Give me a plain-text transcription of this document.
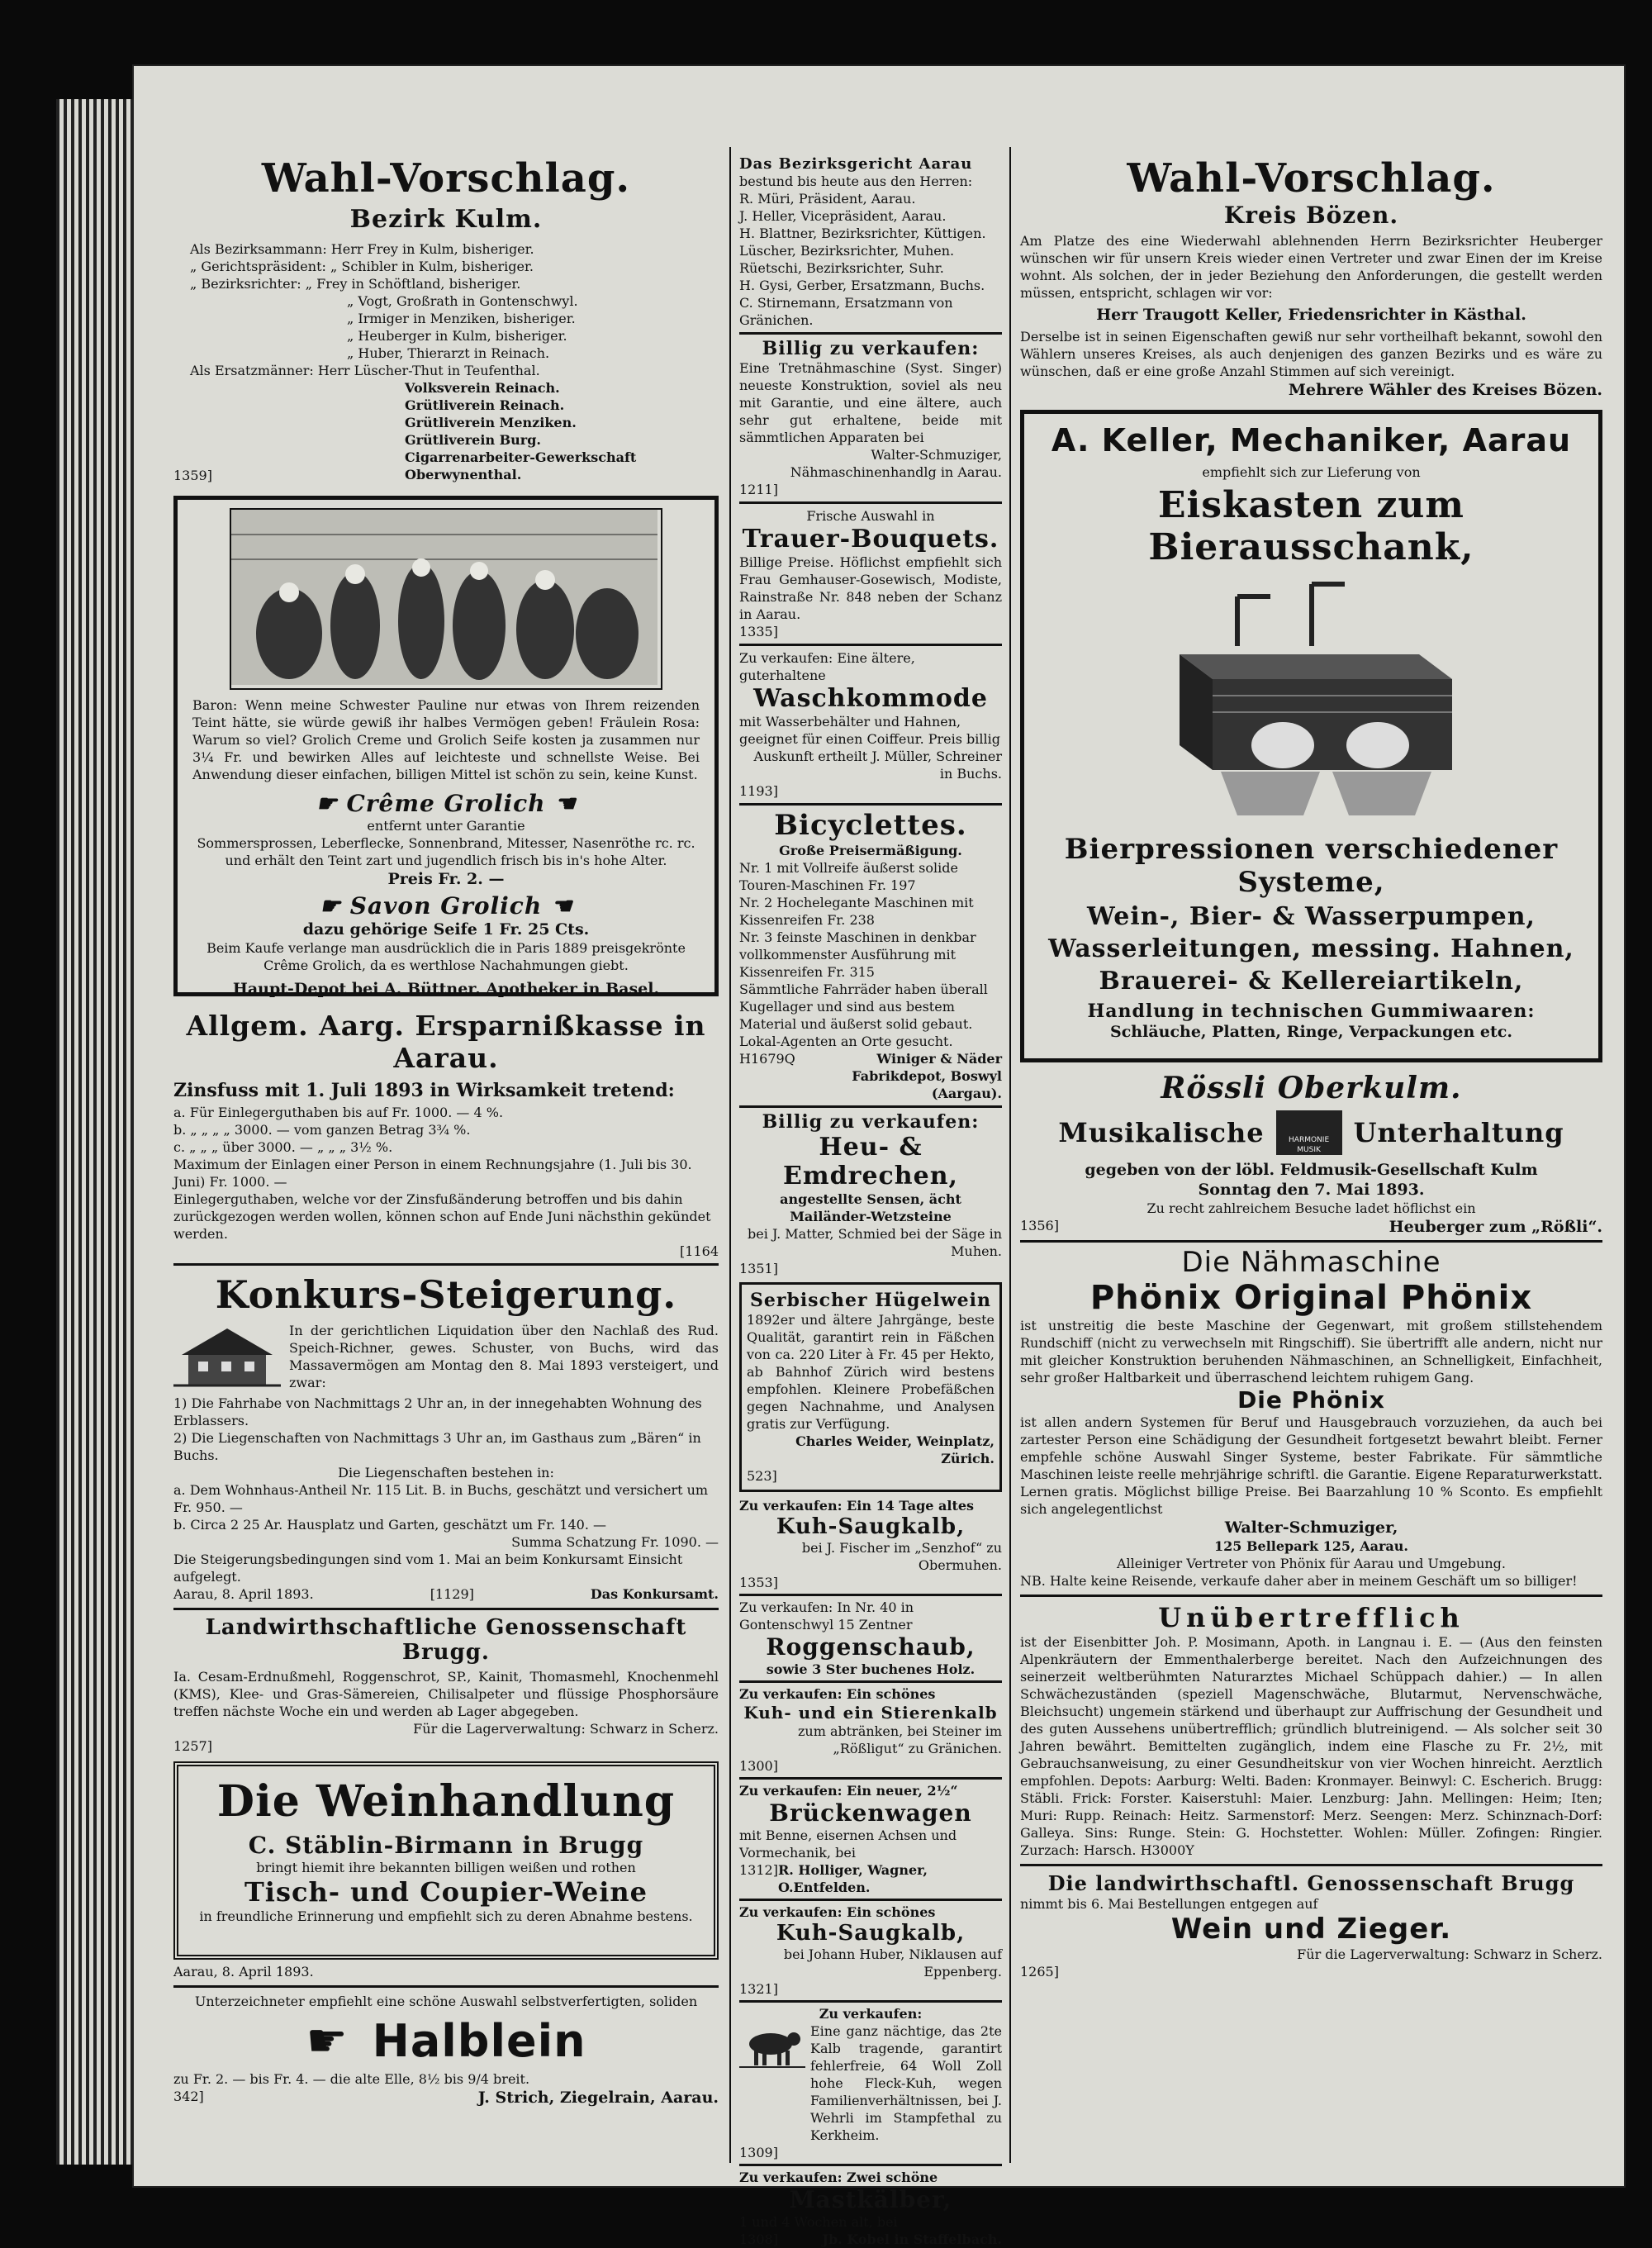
Wahl-Vorschlag.
Bezirk Kulm.
Als Bezirksammann: Herr Frey in Kulm, bisheriger.
„ Gerichtspräsident: „ Schibler in Kulm, bisheriger.
„ Bezirksrichter: „ Frey in Schöftland, bisheriger.
„ Vogt, Großrath in Gontenschwyl.
„ Irmiger in Menziken, bisheriger.
„ Heuberger in Kulm, bisheriger.
„ Huber, Thierarzt in Reinach.
Als Ersatzmänner: Herr Lüscher-Thut in Teufenthal.
Volksverein Reinach.
Grütliverein Reinach.
Grütliverein Menziken.
Grütliverein Burg.
Cigarrenarbeiter-Gewerkschaft Oberwynenthal.
1359]
Baron: Wenn meine Schwester Pauline nur etwas von Ihrem reizenden Teint hätte, sie würde gewiß ihr halbes Vermögen geben! Fräulein Rosa: Warum so viel? Grolich Creme und Grolich Seife kosten ja zusammen nur 3¼ Fr. und bewirken Alles auf leichteste und schnellste Weise. Bei Anwendung dieser einfachen, billigen Mittel ist schön zu sein, keine Kunst.
☛ Crême Grolich ☚
entfernt unter Garantie
Sommersprossen, Leberflecke, Sonnenbrand, Mitesser, Nasenröthe rc. rc. und erhält den Teint zart und jugendlich frisch bis in's hohe Alter.
Preis Fr. 2. —
☛ Savon Grolich ☚
dazu gehörige Seife 1 Fr. 25 Cts.
Beim Kaufe verlange man ausdrücklich die in Paris 1889 preisgekrönte Crême Grolich, da es werthlose Nachahmungen giebt.
Haupt-Depot bei A. Büttner, Apotheker in Basel.
Allgem. Aarg. Ersparnißkasse in Aarau.
Zinsfuss mit 1. Juli 1893 in Wirksamkeit tretend:
a. Für Einlegerguthaben bis auf Fr. 1000. — 4 %.
b. „ „ „ „ 3000. — vom ganzen Betrag 3¾ %.
c. „ „ „ über 3000. — „ „ „ 3½ %.
Maximum der Einlagen einer Person in einem Rechnungsjahre (1. Juli bis 30. Juni) Fr. 1000. —
Einlegerguthaben, welche vor der Zinsfußänderung betroffen und bis dahin zurückgezogen werden wollen, können schon auf Ende Juni nächsthin gekündet werden.
[1164
Konkurs-Steigerung.
In der gerichtlichen Liquidation über den Nachlaß des Rud. Speich-Richner, gewes. Schuster, von Buchs, wird das Massavermögen am Montag den 8. Mai 1893 versteigert, und zwar:
1) Die Fahrhabe von Nachmittags 2 Uhr an, in der innegehabten Wohnung des Erblassers.
2) Die Liegenschaften von Nachmittags 3 Uhr an, im Gasthaus zum „Bären“ in Buchs.
Die Liegenschaften bestehen in:
a. Dem Wohnhaus-Antheil Nr. 115 Lit. B. in Buchs, geschätzt und versichert um Fr. 950. —
b. Circa 2 25 Ar. Hausplatz und Garten, geschätzt um Fr. 140. —
Summa Schatzung Fr. 1090. —
Die Steigerungsbedingungen sind vom 1. Mai an beim Konkursamt Einsicht aufgelegt.
Aarau, 8. April 1893.	[1129]	Das Konkursamt.
Landwirthschaftliche Genossenschaft Brugg.
Ia. Cesam-Erdnußmehl, Roggenschrot, SP., Kainit, Thomasmehl, Knochenmehl (KMS), Klee- und Gras-Sämereien, Chilisalpeter und flüssige Phosphorsäure treffen nächste Woche ein und werden ab Lager abgegeben.
Für die Lagerverwaltung: Schwarz in Scherz.
1257]
Die Weinhandlung
C. Stäblin-Birmann in Brugg
bringt hiemit ihre bekannten billigen weißen und rothen
Tisch- und Coupier-Weine
in freundliche Erinnerung und empfiehlt sich zu deren Abnahme bestens.
Aarau, 8. April 1893.
Unterzeichneter empfiehlt eine schöne Auswahl selbstverfertigten, soliden
☛ Halblein
zu Fr. 2. — bis Fr. 4. — die alte Elle, 8½ bis 9/4 breit.
342]	J. Strich, Ziegelrain, Aarau.
Das Bezirksgericht Aarau
bestund bis heute aus den Herren:
R. Müri, Präsident, Aarau.
J. Heller, Vicepräsident, Aarau.
H. Blattner, Bezirksrichter, Küttigen.
Lüscher, Bezirksrichter, Muhen.
Rüetschi, Bezirksrichter, Suhr.
H. Gysi, Gerber, Ersatzmann, Buchs.
C. Stirnemann, Ersatzmann von Gränichen.
Billig zu verkaufen:
Eine Tretnähmaschine (Syst. Singer) neueste Konstruktion, soviel als neu mit Garantie, und eine ältere, auch sehr gut erhaltene, beide mit sämmtlichen Apparaten bei
Walter-Schmuziger, Nähmaschinenhandlg in Aarau.
1211]
Frische Auswahl in
Trauer-Bouquets.
Billige Preise. Höflichst empfiehlt sich Frau Gemhauser-Gosewisch, Modiste, Rainstraße Nr. 848 neben der Schanz in Aarau.
1335]
Zu verkaufen: Eine ältere, guterhaltene
Waschkommode
mit Wasserbehälter und Hahnen, geeignet für einen Coiffeur. Preis billig
Auskunft ertheilt J. Müller, Schreiner in Buchs.
1193]
Bicyclettes.
Große Preisermäßigung.
Nr. 1 mit Vollreife äußerst solide Touren-Maschinen Fr. 197
Nr. 2 Hochelegante Maschinen mit Kissenreifen Fr. 238
Nr. 3 feinste Maschinen in denkbar vollkommenster Ausführung mit Kissenreifen Fr. 315
Sämmtliche Fahrräder haben überall Kugellager und sind aus bestem Material und äußerst solid gebaut.
Lokal-Agenten an Orte gesucht.
H1679Q	Winiger & Näder Fabrikdepot, Boswyl (Aargau).
Billig zu verkaufen:
Heu- & Emdrechen,
angestellte Sensen, ächt Mailänder-Wetzsteine
bei J. Matter, Schmied bei der Säge in Muhen.
1351]
Serbischer Hügelwein
1892er und ältere Jahrgänge, beste Qualität, garantirt rein in Fäßchen von ca. 220 Liter à Fr. 45 per Hekto, ab Bahnhof Zürich wird bestens empfohlen. Kleinere Probefäßchen gegen Nachnahme, und Analysen gratis zur Verfügung.
Charles Weider, Weinplatz, Zürich.
523]
Zu verkaufen: Ein 14 Tage altes
Kuh-Saugkalb,
bei J. Fischer im „Senzhof“ zu Obermuhen.
1353]
Zu verkaufen: In Nr. 40 in Gontenschwyl 15 Zentner
Roggenschaub,
sowie 3 Ster buchenes Holz.
Zu verkaufen: Ein schönes
Kuh- und ein Stierenkalb
zum abtränken, bei Steiner im „Rößligut“ zu Gränichen.
1300]
Zu verkaufen: Ein neuer, 2½“
Brückenwagen
mit Benne, eisernen Achsen und Vormechanik, bei
1312] R. Holliger, Wagner, O.Entfelden.
Zu verkaufen: Ein schönes
Kuh-Saugkalb,
bei Johann Huber, Niklausen auf Eppenberg.
1321]
Zu verkaufen:
Eine ganz nächtige, das 2te Kalb tragende, garantirt fehlerfreie, 64 Woll Zoll hohe Fleck-Kuh, wegen Familienverhältnissen, bei J. Wehrli im Stampfethal zu Kerkheim.
1309]
Zu verkaufen: Zwei schöne
Mastkälber,
1 und 4 Wochen alt, bei
1308]	Jb. Kobel in Staffelbach.
Wahl-Vorschlag.
Kreis Bözen.
Am Platze des eine Wiederwahl ablehnenden Herrn Bezirksrichter Heuberger wünschen wir für unsern Kreis wieder einen Vertreter und zwar Einen der im Kreise wohnt. Als solchen, der in jeder Beziehung den Anforderungen, die gestellt werden müssen, entspricht, schlagen wir vor:
Herr Traugott Keller, Friedensrichter in Kästhal.
Derselbe ist in seinen Eigenschaften gewiß nur sehr vortheilhaft bekannt, sowohl den Wählern unseres Kreises, als auch denjenigen des ganzen Bezirks und es wäre zu wünschen, daß er eine große Anzahl Stimmen auf sich vereinigt.
Mehrere Wähler des Kreises Bözen.
A. Keller, Mechaniker, Aarau
empfiehlt sich zur Lieferung von
Eiskasten zum Bierausschank,
Bierpressionen verschiedener Systeme,
Wein-, Bier- & Wasserpumpen,
Wasserleitungen, messing. Hahnen,
Brauerei- & Kellereiartikeln,
Handlung in technischen Gummiwaaren:
Schläuche, Platten, Ringe, Verpackungen etc.
Rössli Oberkulm.
Musikalische	HARMONIE MUSIK
Unterhaltung
gegeben von der löbl. Feldmusik-Gesellschaft Kulm
Sonntag den 7. Mai 1893.
Zu recht zahlreichem Besuche ladet höflichst ein
1356]	Heuberger zum „Rößli“.
Die Nähmaschine
Phönix Original Phönix
ist unstreitig die beste Maschine der Gegenwart, mit großem stillstehendem Rundschiff (nicht zu verwechseln mit Ringschiff). Sie übertrifft alle andern, nicht nur mit gleicher Konstruktion beruhenden Nähmaschinen, an Schnelligkeit, Einfachheit, sehr großer Haltbarkeit und überraschend leichtem ruhigem Gang.
Die Phönix
ist allen andern Systemen für Beruf und Hausgebrauch vorzuziehen, da auch bei zartester Person eine Schädigung der Gesundheit fortgesetzt bewahrt bleibt. Ferner empfehle schöne Auswahl Singer Systeme, bester Fabrikate. Für sämmtliche Maschinen leiste reelle mehrjährige schriftl. die Garantie. Eigene Reparaturwerkstatt. Lernen gratis. Möglichst billige Preise. Bei Baarzahlung 10 % Sconto. Es empfiehlt sich angelegentlichst
Walter-Schmuziger,
125 Bellepark 125, Aarau.
Alleiniger Vertreter von Phönix für Aarau und Umgebung.
NB. Halte keine Reisende, verkaufe daher aber in meinem Geschäft um so billiger!
Unübertrefflich
ist der Eisenbitter Joh. P. Mosimann, Apoth. in Langnau i. E. — (Aus den feinsten Alpenkräutern der Emmenthalerberge bereitet. Nach den Aufzeichnungen des seinerzeit weltberühmten Naturarztes Michael Schüppach dahier.) — In allen Schwächezuständen (speziell Magenschwäche, Blutarmut, Nervenschwäche, Bleichsucht) ungemein stärkend und überhaupt zur Auffrischung der Gesundheit und des guten Aussehens unübertrefflich; gründlich blutreinigend. — Als solcher seit 30 Jahren bewährt. Bemittelten zugänglich, indem eine Flasche zu Fr. 2½, mit Gebrauchsanweisung, zu einer Gesundheitskur von vier Wochen hinreicht. Aerztlich empfohlen. Depots: Aarburg: Welti. Baden: Kronmayer. Beinwyl: C. Escherich. Brugg: Stäbli. Frick: Forster. Kaiserstuhl: Maier. Lenzburg: Jahn. Mellingen: Heim; Iten; Muri: Rupp. Reinach: Heitz. Sarmenstorf: Merz. Seengen: Merz. Schinznach-Dorf: Galleya. Sins: Runge. Stein: G. Hochstetter. Wohlen: Müller. Zofingen: Ringier. Zurzach: Harsch. H3000Y
Die landwirthschaftl. Genossenschaft Brugg
nimmt bis 6. Mai Bestellungen entgegen auf
Wein und Zieger.
Für die Lagerverwaltung: Schwarz in Scherz.
1265]
